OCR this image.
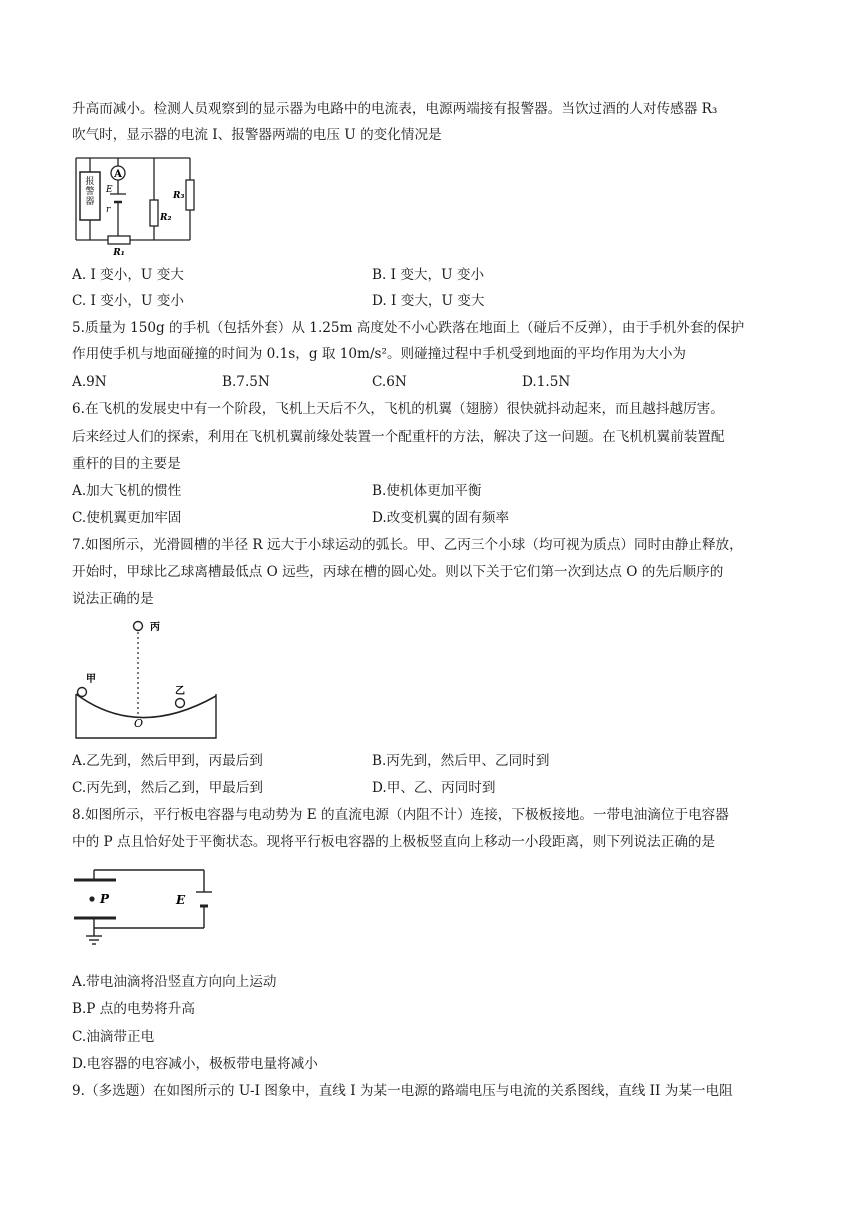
升高而减小。检测人员观察到的显示器为电路中的电流表，电源两端接有报警器。当饮过酒的人对传感器 R₃
吹气时，显示器的电流 I、报警器两端的电压 U 的变化情况是
报警器
A
E
r
R₃
R₂
R₁
A. I 变小，U 变大	B. I 变大，U 变小
C. I 变小，U 变小	D. I 变大，U 变大
5.质量为 150g 的手机（包括外套）从 1.25m 高度处不小心跌落在地面上（碰后不反弹），由于手机外套的保护
作用使手机与地面碰撞的时间为 0.1s，g 取 10m/s²。则碰撞过程中手机受到地面的平均作用为大小为
A.9N	B.7.5N	C.6N	D.1.5N
6.在飞机的发展史中有一个阶段，飞机上天后不久，飞机的机翼（翅膀）很快就抖动起来，而且越抖越厉害。
后来经过人们的探索，利用在飞机机翼前缘处装置一个配重杆的方法，解决了这一问题。在飞机机翼前装置配
重杆的目的主要是
A.加大飞机的惯性	B.使机体更加平衡
C.使机翼更加牢固	D.改变机翼的固有频率
7.如图所示，光滑圆槽的半径 R 远大于小球运动的弧长。甲、乙丙三个小球（均可视为质点）同时由静止释放，
开始时，甲球比乙球离槽最低点 O 远些，丙球在槽的圆心处。则以下关于它们第一次到达点 O 的先后顺序的
说法正确的是
丙
甲
乙
O
A.乙先到，然后甲到，丙最后到	B.丙先到，然后甲、乙同时到
C.丙先到，然后乙到，甲最后到	D.甲、乙、丙同时到
8.如图所示，平行板电容器与电动势为 E 的直流电源（内阻不计）连接，下极板接地。一带电油滴位于电容器
中的 P 点且恰好处于平衡状态。现将平行板电容器的上极板竖直向上移动一小段距离，则下列说法正确的是
P	E
A.带电油滴将沿竖直方向向上运动
B.P 点的电势将升高
C.油滴带正电
D.电容器的电容减小，极板带电量将减小
9.（多选题）在如图所示的 U-I 图象中，直线 I 为某一电源的路端电压与电流的关系图线，直线 II 为某一电阻
